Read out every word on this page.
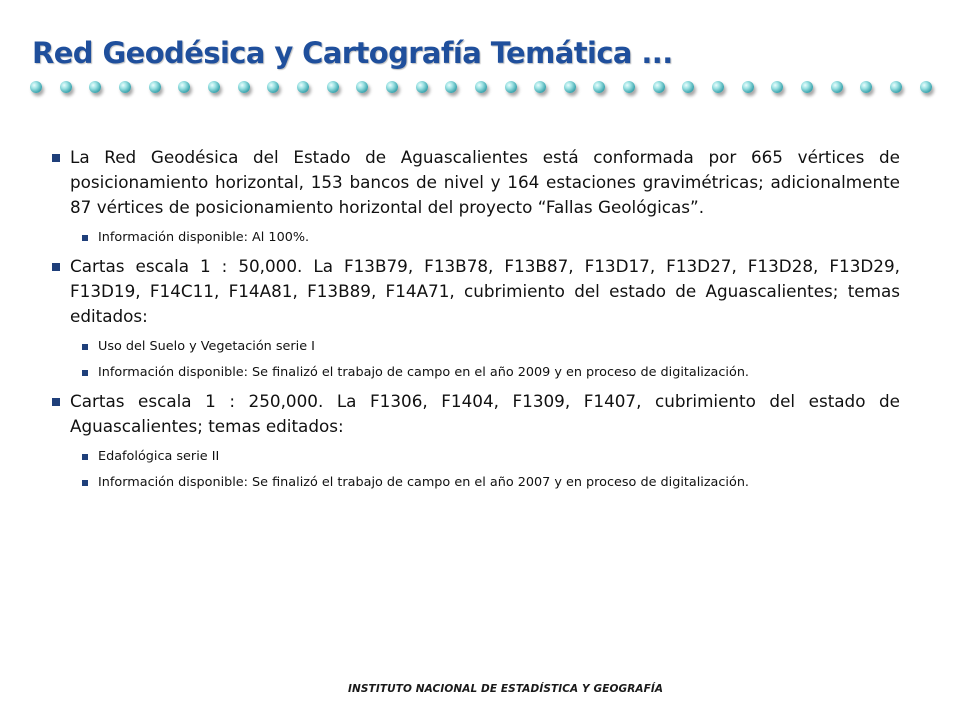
Red Geodésica y Cartografía Temática ...
La Red Geodésica del Estado de Aguascalientes está conformada por 665 vértices de posicionamiento horizontal, 153 bancos de nivel y 164 estaciones gravimétricas; adicionalmente 87 vértices de posicionamiento horizontal del proyecto “Fallas Geológicas”.
Información disponible: Al 100%.
Cartas escala 1 : 50,000. La F13B79, F13B78, F13B87, F13D17, F13D27, F13D28, F13D29, F13D19, F14C11, F14A81, F13B89, F14A71, cubrimiento del estado de Aguascalientes; temas editados:
Uso del Suelo y Vegetación serie I
Información disponible: Se finalizó el trabajo de campo en el año 2009 y en proceso de digitalización.
Cartas escala 1 : 250,000. La F1306, F1404, F1309, F1407, cubrimiento del estado de Aguascalientes; temas editados:
Edafológica serie II
Información disponible: Se finalizó el trabajo de campo en el año 2007 y en proceso de digitalización.
INSTITUTO NACIONAL DE ESTADÍSTICA Y GEOGRAFÍA
